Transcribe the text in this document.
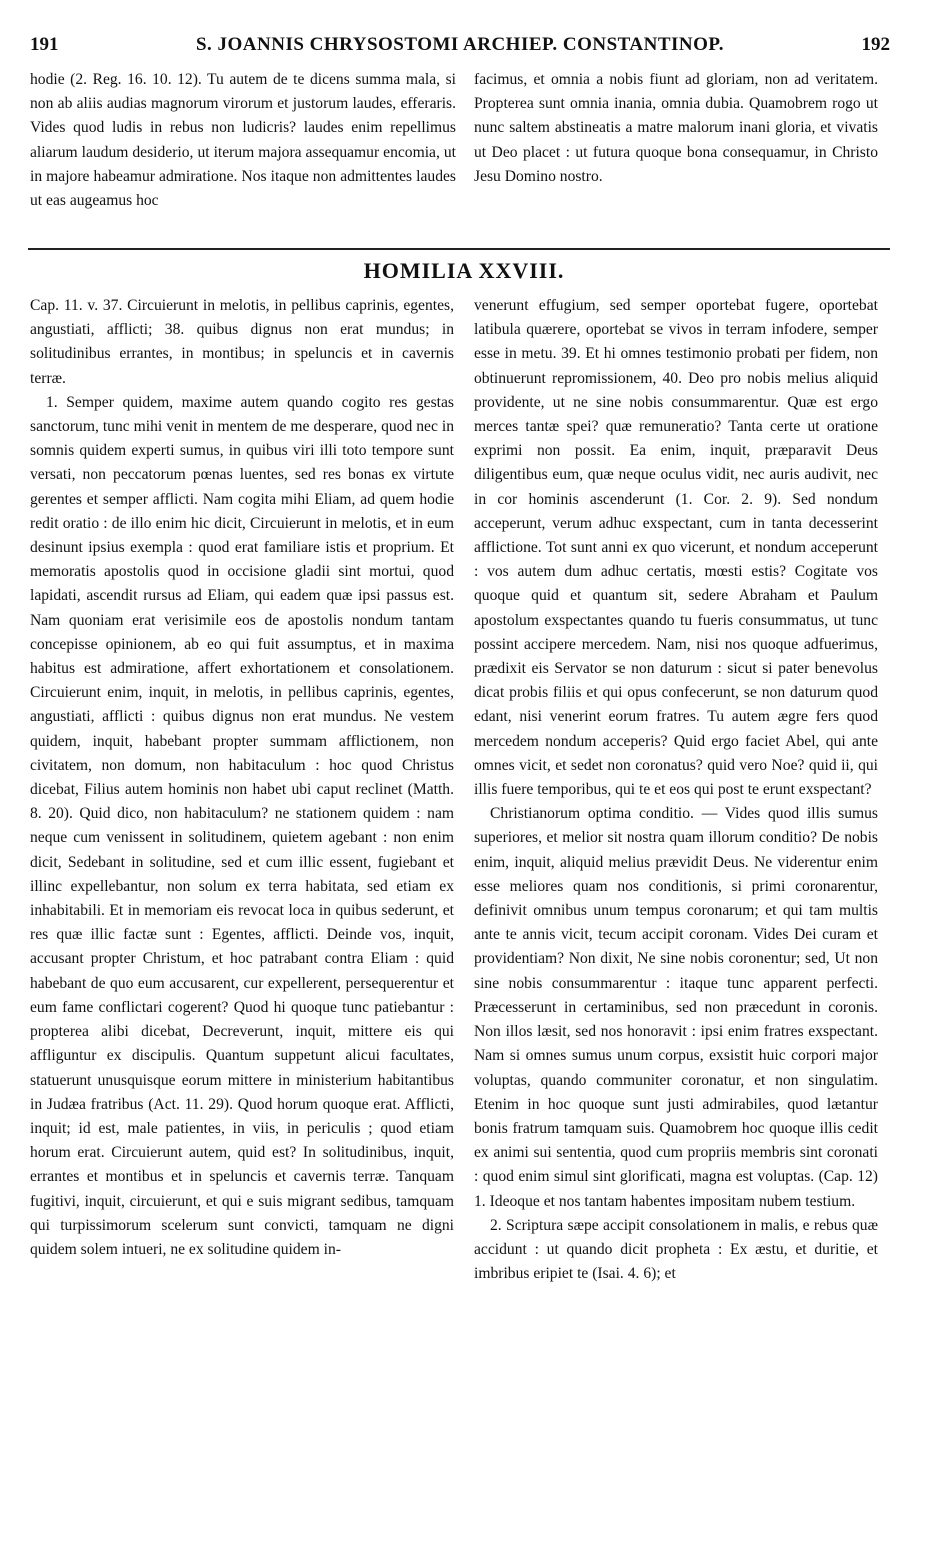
191	S. JOANNIS CHRYSOSTOMI ARCHIEP. CONSTANTINOP.	192

hodie (2. Reg. 16. 10. 12). Tu autem de te dicens summa mala, si non ab aliis audias magnorum virorum et justorum laudes, efferaris. Vides quod ludis in rebus non ludicris? laudes enim repellimus aliarum laudum desiderio, ut iterum majora assequamur encomia, ut in majore habeamur admiratione. Nos itaque non admittentes laudes ut eas augeamus hoc

facimus, et omnia a nobis fiunt ad gloriam, non ad veritatem. Propterea sunt omnia inania, omnia dubia. Quamobrem rogo ut nunc saltem abstineatis a matre malorum inani gloria, et vivatis ut Deo placet : ut futura quoque bona consequamur, in Christo Jesu Domino nostro.

HOMILIA XXVIII.

Cap. 11. v. 37. Circuierunt in melotis, in pellibus caprinis, egentes, angustiati, afflicti; 38. quibus dignus non erat mundus; in solitudinibus errantes, in montibus; in speluncis et in cavernis terræ.

1. Semper quidem, maxime autem quando cogito res gestas sanctorum, tunc mihi venit in mentem de me desperare, quod nec in somnis quidem experti sumus, in quibus viri illi toto tempore sunt versati, non peccatorum pœnas luentes, sed res bonas ex virtute gerentes et semper afflicti. Nam cogita mihi Eliam, ad quem hodie redit oratio : de illo enim hic dicit, Circuierunt in melotis, et in eum desinunt ipsius exempla : quod erat familiare istis et proprium. Et memoratis apostolis quod in occisione gladii sint mortui, quod lapidati, ascendit rursus ad Eliam, qui eadem quæ ipsi passus est. Nam quoniam erat verisimile eos de apostolis nondum tantam concepisse opinionem, ab eo qui fuit assumptus, et in maxima habitus est admiratione, affert exhortationem et consolationem. Circuierunt enim, inquit, in melotis, in pellibus caprinis, egentes, angustiati, afflicti : quibus dignus non erat mundus. Ne vestem quidem, inquit, habebant propter summam afflictionem, non civitatem, non domum, non habitaculum : hoc quod Christus dicebat, Filius autem hominis non habet ubi caput reclinet (Matth. 8. 20). Quid dico, non habitaculum? ne stationem quidem : nam neque cum venissent in solitudinem, quietem agebant : non enim dicit, Sedebant in solitudine, sed et cum illic essent, fugiebant et illinc expellebantur, non solum ex terra habitata, sed etiam ex inhabitabili. Et in memoriam eis revocat loca in quibus sederunt, et res quæ illic factæ sunt : Egentes, afflicti. Deinde vos, inquit, accusant propter Christum, et hoc patrabant contra Eliam : quid habebant de quo eum accusarent, cur expellerent, persequerentur et eum fame conflictari cogerent? Quod hi quoque tunc patiebantur : propterea alibi dicebat, Decreverunt, inquit, mittere eis qui affliguntur ex discipulis. Quantum suppetunt alicui facultates, statuerunt unusquisque eorum mittere in ministerium habitantibus in Judæa fratribus (Act. 11. 29). Quod horum quoque erat. Afflicti, inquit; id est, male patientes, in viis, in periculis ; quod etiam horum erat. Circuierunt autem, quid est? In solitudinibus, inquit, errantes et montibus et in speluncis et cavernis terræ. Tanquam fugitivi, inquit, circuierunt, et qui e suis migrant sedibus, tamquam qui turpissimorum scelerum sunt convicti, tamquam ne digni quidem solem intueri, ne ex solitudine quidem in-

venerunt effugium, sed semper oportebat fugere, oportebat latibula quærere, oportebat se vivos in terram infodere, semper esse in metu. 39. Et hi omnes testimonio probati per fidem, non obtinuerunt repromissionem, 40. Deo pro nobis melius aliquid providente, ut ne sine nobis consummarentur. Quæ est ergo merces tantæ spei? quæ remuneratio? Tanta certe ut oratione exprimi non possit. Ea enim, inquit, præparavit Deus diligentibus eum, quæ neque oculus vidit, nec auris audivit, nec in cor hominis ascenderunt (1. Cor. 2. 9). Sed nondum acceperunt, verum adhuc exspectant, cum in tanta decesserint afflictione. Tot sunt anni ex quo vicerunt, et nondum acceperunt : vos autem dum adhuc certatis, mœsti estis? Cogitate vos quoque quid et quantum sit, sedere Abraham et Paulum apostolum exspectantes quando tu fueris consummatus, ut tunc possint accipere mercedem. Nam, nisi nos quoque adfuerimus, prædixit eis Servator se non daturum : sicut si pater benevolus dicat probis filiis et qui opus confecerunt, se non daturum quod edant, nisi venerint eorum fratres. Tu autem ægre fers quod mercedem nondum acceperis? Quid ergo faciet Abel, qui ante omnes vicit, et sedet non coronatus? quid vero Noe? quid ii, qui illis fuere temporibus, qui te et eos qui post te erunt exspectant?

Christianorum optima conditio. — Vides quod illis sumus superiores, et melior sit nostra quam illorum conditio? De nobis enim, inquit, aliquid melius prævidit Deus. Ne viderentur enim esse meliores quam nos conditionis, si primi coronarentur, definivit omnibus unum tempus coronarum; et qui tam multis ante te annis vicit, tecum accipit coronam. Vides Dei curam et providentiam? Non dixit, Ne sine nobis coronentur; sed, Ut non sine nobis consummarentur : itaque tunc apparent perfecti. Præcesserunt in certaminibus, sed non præcedunt in coronis. Non illos læsit, sed nos honoravit : ipsi enim fratres exspectant. Nam si omnes sumus unum corpus, exsistit huic corpori major voluptas, quando communiter coronatur, et non singulatim. Etenim in hoc quoque sunt justi admirabiles, quod lætantur bonis fratrum tamquam suis. Quamobrem hoc quoque illis cedit ex animi sui sententia, quod cum propriis membris sint coronati : quod enim simul sint glorificati, magna est voluptas. (Cap. 12) 1. Ideoque et nos tantam habentes impositam nubem testium.

2. Scriptura sæpe accipit consolationem in malis, e rebus quæ accidunt : ut quando dicit propheta : Ex æstu, et duritie, et imbribus eripiet te (Isai. 4. 6); et
